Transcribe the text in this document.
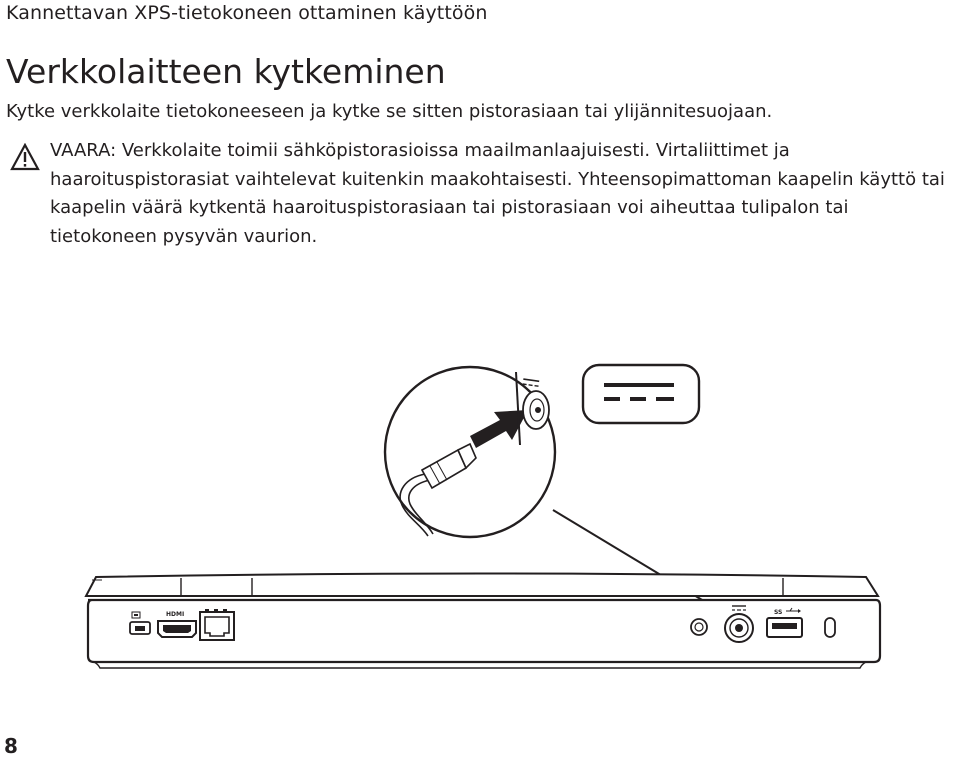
Kannettavan XPS-tietokoneen ottaminen käyttöön
Verkkolaitteen kytkeminen
Kytke verkkolaite tietokoneeseen ja kytke se sitten pistorasiaan tai ylijännitesuojaan.
VAARA: Verkkolaite toimii sähköpistorasioissa maailmanlaajuisesti. Virtaliittimet ja haaroituspistorasiat vaihtelevat kuitenkin maakohtaisesti. Yhteensopimattoman kaapelin käyttö tai kaapelin väärä kytkentä haaroituspistorasiaan tai pistorasiaan voi aiheuttaa tulipalon tai tietokoneen pysyvän vaurion.
HDMI	SS
8
